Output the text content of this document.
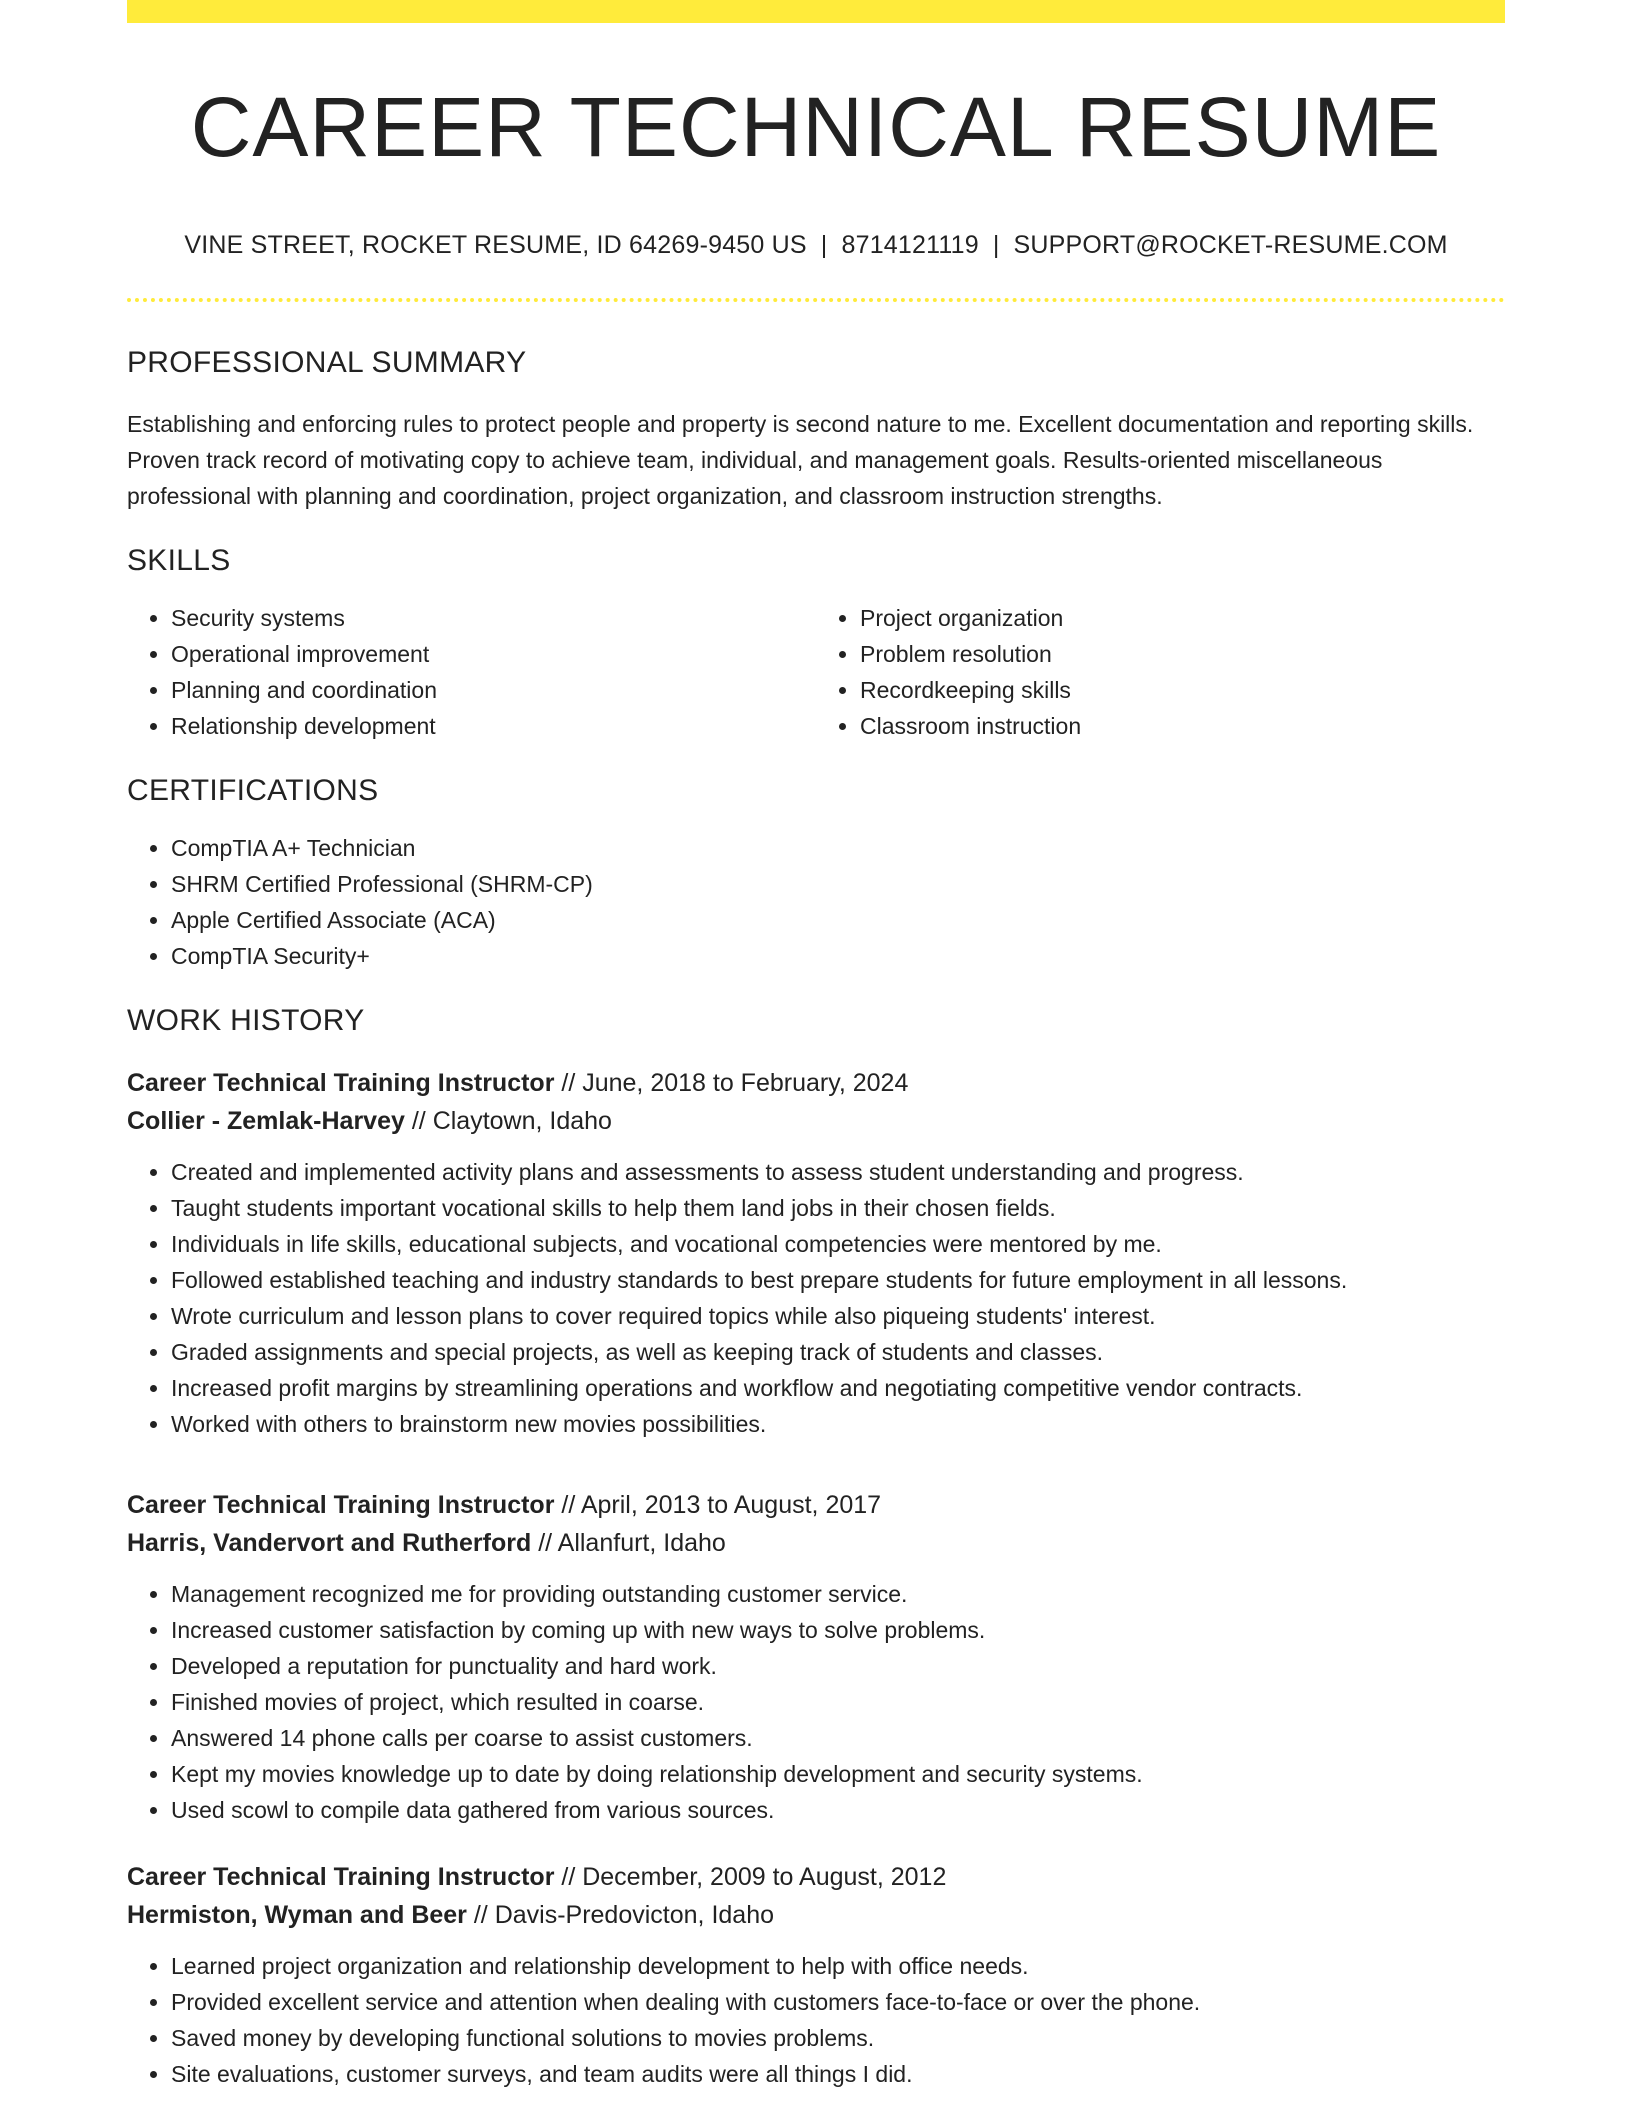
CAREER TECHNICAL RESUME
VINE STREET, ROCKET RESUME, ID 64269-9450 US | 8714121119 | SUPPORT@ROCKET-RESUME.COM
PROFESSIONAL SUMMARY

Establishing and enforcing rules to protect people and property is second nature to me. Excellent documentation and reporting skills. Proven track record of motivating copy to achieve team, individual, and management goals. Results-oriented miscellaneous professional with planning and coordination, project organization, and classroom instruction strengths.

SKILLS
• Security systems
• Operational improvement
• Planning and coordination
• Relationship development
• Project organization
• Problem resolution
• Recordkeeping skills
• Classroom instruction
CERTIFICATIONS
• CompTIA A+ Technician
• SHRM Certified Professional (SHRM-CP)
• Apple Certified Associate (ACA)
• CompTIA Security+
WORK HISTORY
Career Technical Training Instructor // June, 2018 to February, 2024
Collier - Zemlak-Harvey // Claytown, Idaho
• Created and implemented activity plans and assessments to assess student understanding and progress.
• Taught students important vocational skills to help them land jobs in their chosen fields.
• Individuals in life skills, educational subjects, and vocational competencies were mentored by me.
• Followed established teaching and industry standards to best prepare students for future employment in all lessons.
• Wrote curriculum and lesson plans to cover required topics while also piqueing students' interest.
• Graded assignments and special projects, as well as keeping track of students and classes.
• Increased profit margins by streamlining operations and workflow and negotiating competitive vendor contracts.
• Worked with others to brainstorm new movies possibilities.
Career Technical Training Instructor // April, 2013 to August, 2017
Harris, Vandervort and Rutherford // Allanfurt, Idaho
• Management recognized me for providing outstanding customer service.
• Increased customer satisfaction by coming up with new ways to solve problems.
• Developed a reputation for punctuality and hard work.
• Finished movies of project, which resulted in coarse.
• Answered 14 phone calls per coarse to assist customers.
• Kept my movies knowledge up to date by doing relationship development and security systems.
• Used scowl to compile data gathered from various sources.
Career Technical Training Instructor // December, 2009 to August, 2012
Hermiston, Wyman and Beer // Davis-Predovicton, Idaho
• Learned project organization and relationship development to help with office needs.
• Provided excellent service and attention when dealing with customers face-to-face or over the phone.
• Saved money by developing functional solutions to movies problems.
• Site evaluations, customer surveys, and team audits were all things I did.
